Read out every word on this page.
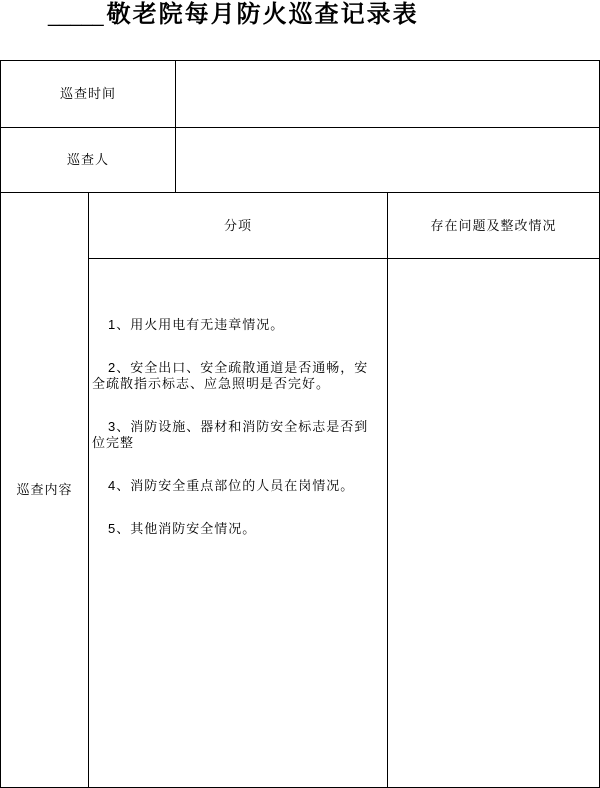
_____ 敬老院每月防火巡查记录表
巡查时间
巡查人
巡查内容
分项	存在问题及整改情况

1、用火用电有无违章情况。

2、安全出口、安全疏散通道是否通畅，安全疏散指示标志、应急照明是否完好。

3、消防设施、器材和消防安全标志是否到位完整

4、消防安全重点部位的人员在岗情况。

5、其他消防安全情况。
